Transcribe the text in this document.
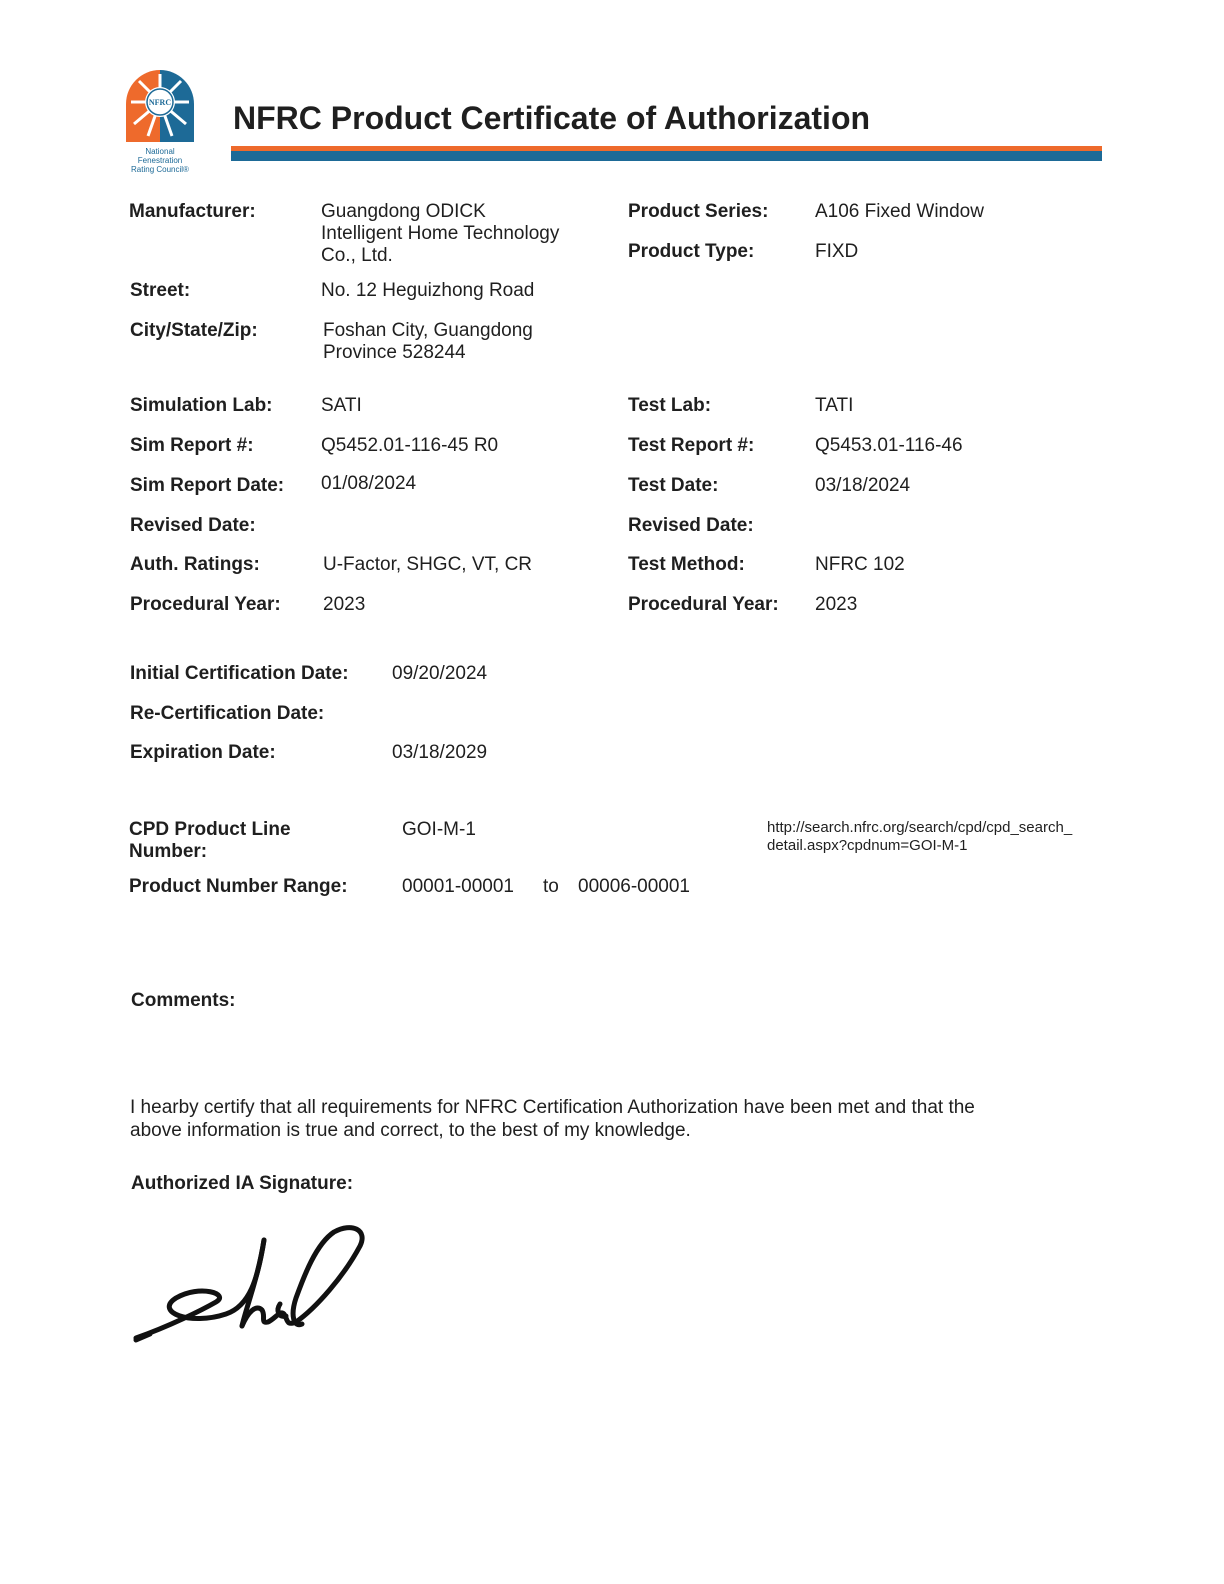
NFRC
National Fenestration
Rating Council®
NFRC Product Certificate of Authorization
Manufacturer:	Guangdong ODICK
Intelligent Home Technology
Co., Ltd.
Product Series: A106 Fixed Window
Product Type:	FIXD
Street:	No. 12 Heguizhong Road
City/State/Zip:	Foshan City, Guangdong
Province 528244
Simulation Lab:	SATI	Test Lab:	TATI
Sim Report #:	Q5452.01-116-45 R0	Test Report #:	Q5453.01-116-46
Sim Report Date: 01/08/2024	Test Date:	03/18/2024
Revised Date:	Revised Date:
Auth. Ratings:	U-Factor, SHGC, VT, CR	Test Method:	NFRC 102
Procedural Year: 2023	Procedural Year: 2023
Initial Certification Date: 09/20/2024
Re-Certification Date:
Expiration Date:	03/18/2029
CPD Product Line
Number:
GOI-M-1	http://search.nfrc.org/search/cpd/cpd_search_
detail.aspx?cpdnum=GOI-M-1
Product Number Range:	00001-00001 to 00006-00001
Comments:
I hearby certify that all requirements for NFRC Certification Authorization have been met and that the
above information is true and correct, to the best of my knowledge.
Authorized IA Signature:
